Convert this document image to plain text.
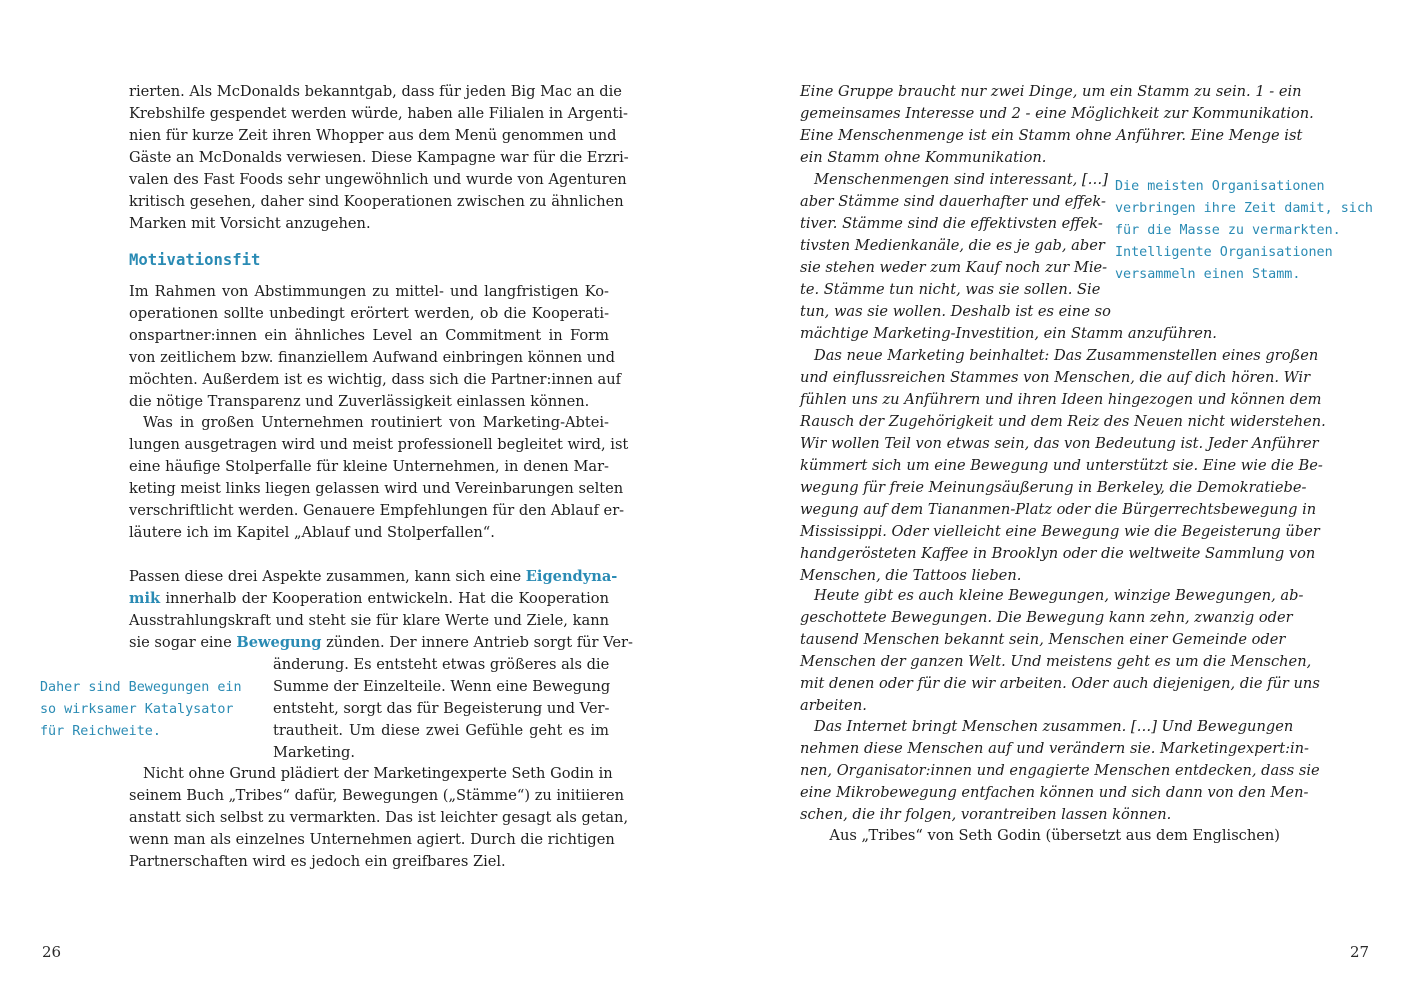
rierten. Als McDonalds bekanntgab, dass für jeden Big Mac an die
Krebshilfe gespendet werden würde, haben alle Filialen in Argenti-
nien für kurze Zeit ihren Whopper aus dem Menü genommen und
Gäste an McDonalds verwiesen. Diese Kampagne war für die Erzri-
valen des Fast Foods sehr ungewöhnlich und wurde von Agenturen
kritisch gesehen, daher sind Kooperationen zwischen zu ähnlichen
Marken mit Vorsicht anzugehen.
Motivationsfit
Im Rahmen von Abstimmungen zu mittel- und langfristigen Ko-
operationen sollte unbedingt erörtert werden, ob die Kooperati-
onspartner:innen ein ähnliches Level an Commitment in Form
von zeitlichem bzw. finanziellem Aufwand einbringen können und
möchten. Außerdem ist es wichtig, dass sich die Partner:innen auf
die nötige Transparenz und Zuverlässigkeit einlassen können.
Was in großen Unternehmen routiniert von Marketing-Abtei-
lungen ausgetragen wird und meist professionell begleitet wird, ist
eine häufige Stolperfalle für kleine Unternehmen, in denen Mar-
keting meist links liegen gelassen wird und Vereinbarungen selten
verschriftlicht werden. Genauere Empfehlungen für den Ablauf er-
läutere ich im Kapitel „Ablauf und Stolperfallen“.
Passen diese drei Aspekte zusammen, kann sich eine Eigendyna-
mik innerhalb der Kooperation entwickeln. Hat die Kooperation
Ausstrahlungskraft und steht sie für klare Werte und Ziele, kann
sie sogar eine Bewegung zünden. Der innere Antrieb sorgt für Ver-
änderung. Es entsteht etwas größeres als die
Summe der Einzelteile. Wenn eine Bewegung
entsteht, sorgt das für Begeisterung und Ver-
trautheit. Um diese zwei Gefühle geht es im
Marketing.
Daher sind Bewegungen ein
so wirksamer Katalysator
für Reichweite.
Nicht ohne Grund plädiert der Marketingexperte Seth Godin in
seinem Buch „Tribes“ dafür, Bewegungen („Stämme“) zu initiieren
anstatt sich selbst zu vermarkten. Das ist leichter gesagt als getan,
wenn man als einzelnes Unternehmen agiert. Durch die richtigen
Partnerschaften wird es jedoch ein greifbares Ziel.
26
Eine Gruppe braucht nur zwei Dinge, um ein Stamm zu sein. 1 - ein
gemeinsames Interesse und 2 - eine Möglichkeit zur Kommunikation.
Eine Menschenmenge ist ein Stamm ohne Anführer. Eine Menge ist
ein Stamm ohne Kommunikation.
Menschenmengen sind interessant, […]
aber Stämme sind dauerhafter und effek-
tiver. Stämme sind die effektivsten effek-
tivsten Medienkanäle, die es je gab, aber
sie stehen weder zum Kauf noch zur Mie-
te. Stämme tun nicht, was sie sollen. Sie
tun, was sie wollen. Deshalb ist es eine so
mächtige Marketing-Investition, ein Stamm anzuführen.
Die meisten Organisationen
verbringen ihre Zeit damit, sich
für die Masse zu vermarkten.
Intelligente Organisationen
versammeln einen Stamm.
Das neue Marketing beinhaltet: Das Zusammenstellen eines großen
und einflussreichen Stammes von Menschen, die auf dich hören. Wir
fühlen uns zu Anführern und ihren Ideen hingezogen und können dem
Rausch der Zugehörigkeit und dem Reiz des Neuen nicht widerstehen.
Wir wollen Teil von etwas sein, das von Bedeutung ist. Jeder Anführer
kümmert sich um eine Bewegung und unterstützt sie. Eine wie die Be-
wegung für freie Meinungsäußerung in Berkeley, die Demokratiebe-
wegung auf dem Tiananmen-Platz oder die Bürgerrechtsbewegung in
Mississippi. Oder vielleicht eine Bewegung wie die Begeisterung über
handgerösteten Kaffee in Brooklyn oder die weltweite Sammlung von
Menschen, die Tattoos lieben.
Heute gibt es auch kleine Bewegungen, winzige Bewegungen, ab-
geschottete Bewegungen. Die Bewegung kann zehn, zwanzig oder
tausend Menschen bekannt sein, Menschen einer Gemeinde oder
Menschen der ganzen Welt. Und meistens geht es um die Menschen,
mit denen oder für die wir arbeiten. Oder auch diejenigen, die für uns
arbeiten.
Das Internet bringt Menschen zusammen. […] Und Bewegungen
nehmen diese Menschen auf und verändern sie. Marketingexpert:in-
nen, Organisator:innen und engagierte Menschen entdecken, dass sie
eine Mikrobewegung entfachen können und sich dann von den Men-
schen, die ihr folgen, vorantreiben lassen können.
Aus „Tribes“ von Seth Godin (übersetzt aus dem Englischen)
27
